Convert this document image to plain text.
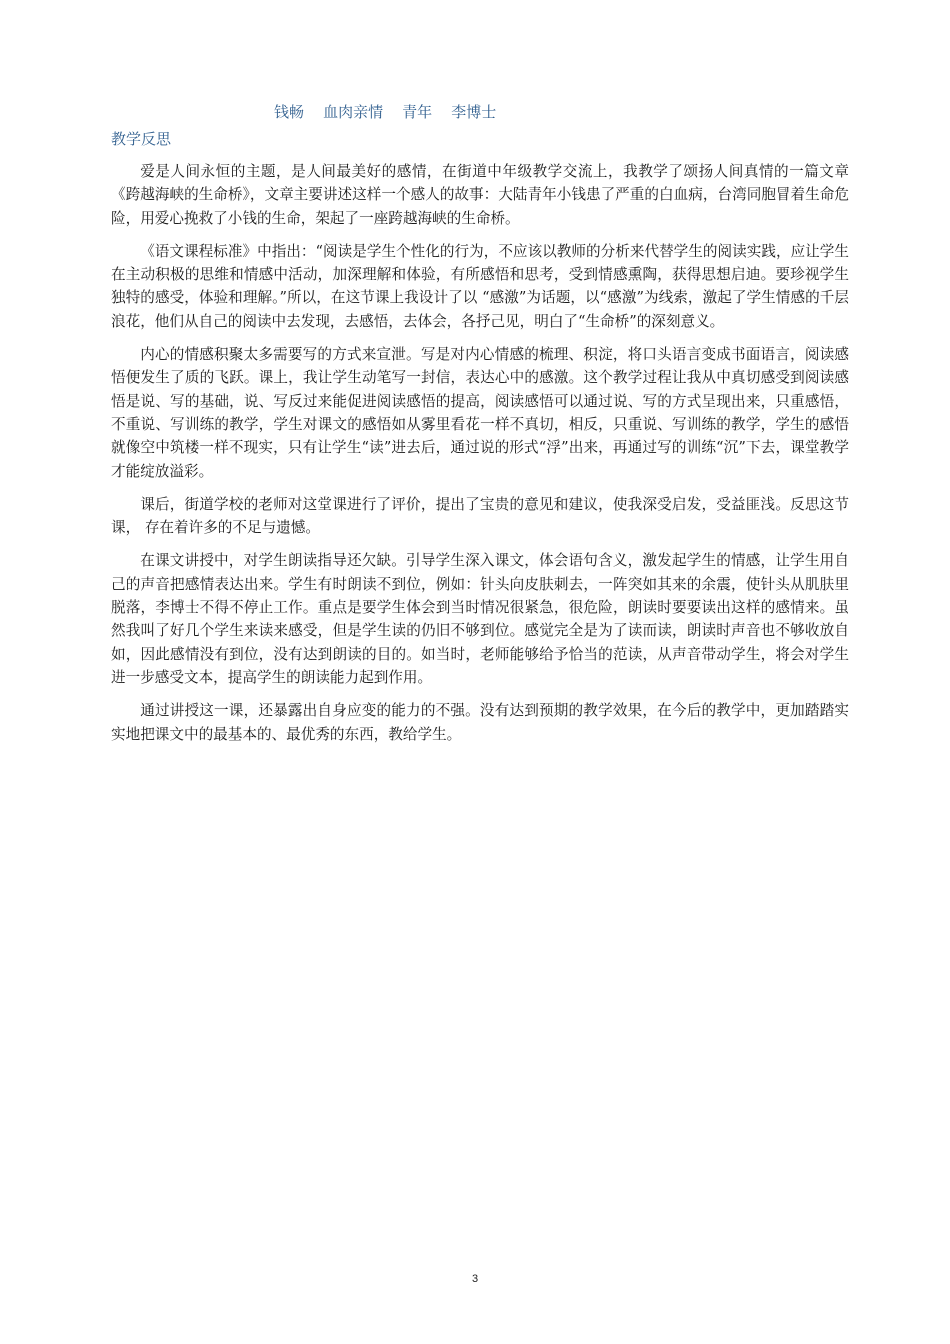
钱畅    血肉亲情    青年    李博士
教学反思

爱是人间永恒的主题，是人间最美好的感情，在街道中年级教学交流上，我教学了颂扬人间真情的一篇文章《跨越海峡的生命桥》，文章主要讲述这样一个感人的故事：大陆青年小钱患了严重的白血病，台湾同胞冒着生命危险，用爱心挽救了小钱的生命，架起了一座跨越海峡的生命桥。

《语文课程标准》中指出：“阅读是学生个性化的行为，不应该以教师的分析来代替学生的阅读实践，应让学生在主动积极的思维和情感中活动，加深理解和体验，有所感悟和思考，受到情感熏陶，获得思想启迪。要珍视学生独特的感受，体验和理解。”所以，在这节课上我设计了以 “感激”为话题，以“感激”为线索，激起了学生情感的千层浪花，他们从自己的阅读中去发现，去感悟，去体会，各抒己见，明白了“生命桥”的深刻意义。

内心的情感积聚太多需要写的方式来宣泄。写是对内心情感的梳理、积淀，将口头语言变成书面语言，阅读感悟便发生了质的飞跃。课上，我让学生动笔写一封信，表达心中的感激。这个教学过程让我从中真切感受到阅读感悟是说、写的基础，说、写反过来能促进阅读感悟的提高，阅读感悟可以通过说、写的方式呈现出来，只重感悟，不重说、写训练的教学，学生对课文的感悟如从雾里看花一样不真切，相反，只重说、写训练的教学，学生的感悟就像空中筑楼一样不现实，只有让学生“读”进去后，通过说的形式“浮”出来，再通过写的训练“沉”下去，课堂教学才能绽放溢彩。

课后，街道学校的老师对这堂课进行了评价，提出了宝贵的意见和建议，使我深受启发，受益匪浅。反思这节课， 存在着许多的不足与遗憾。

在课文讲授中，对学生朗读指导还欠缺。引导学生深入课文，体会语句含义，激发起学生的情感，让学生用自己的声音把感情表达出来。学生有时朗读不到位，例如：针头向皮肤刺去，一阵突如其来的余震，使针头从肌肤里脱落，李博士不得不停止工作。重点是要学生体会到当时情况很紧急，很危险，朗读时要要读出这样的感情来。虽然我叫了好几个学生来读来感受，但是学生读的仍旧不够到位。感觉完全是为了读而读，朗读时声音也不够收放自如，因此感情没有到位，没有达到朗读的目的。如当时，老师能够给予恰当的范读，从声音带动学生，将会对学生进一步感受文本，提高学生的朗读能力起到作用。

通过讲授这一课，还暴露出自身应变的能力的不强。没有达到预期的教学效果，在今后的教学中，更加踏踏实实地把课文中的最基本的、最优秀的东西，教给学生。

3
